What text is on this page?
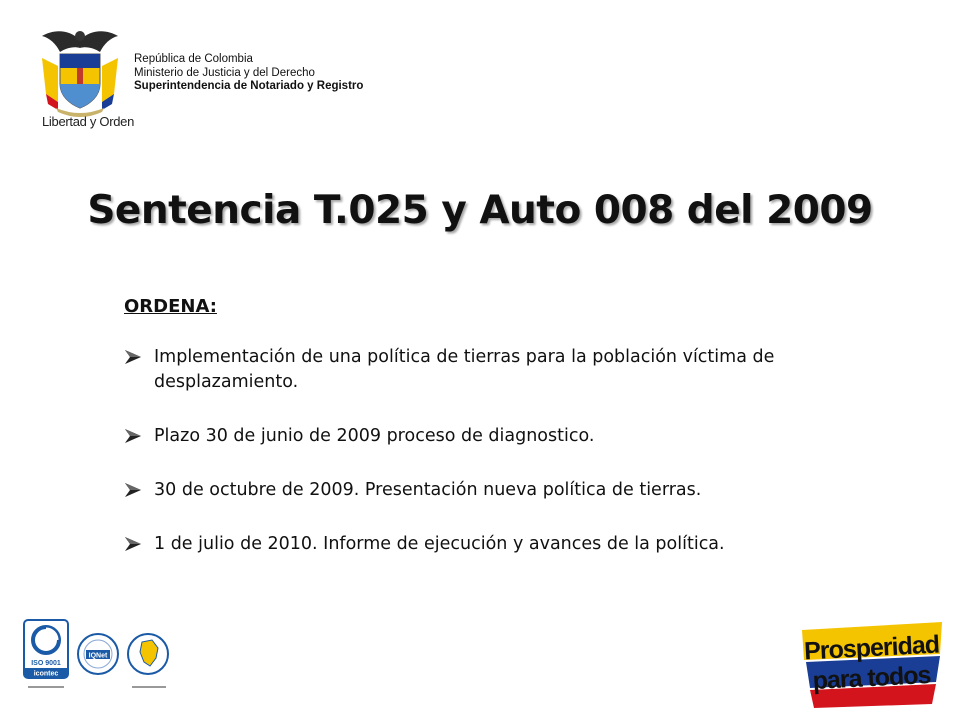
Libertad y Orden
República de Colombia
Ministerio de Justicia y del Derecho
Superintendencia de Notariado y Registro
Sentencia T.025 y Auto 008 del 2009
ORDENA:
Implementación de una política de tierras para la población víctima de desplazamiento.
Plazo 30 de junio de 2009 proceso de diagnostico.
30 de octubre de 2009. Presentación nueva política de tierras.
1 de julio de 2010. Informe de ejecución y avances de la política.
ISO 9001
icontec
IQNet	Prosperidad
para todos
